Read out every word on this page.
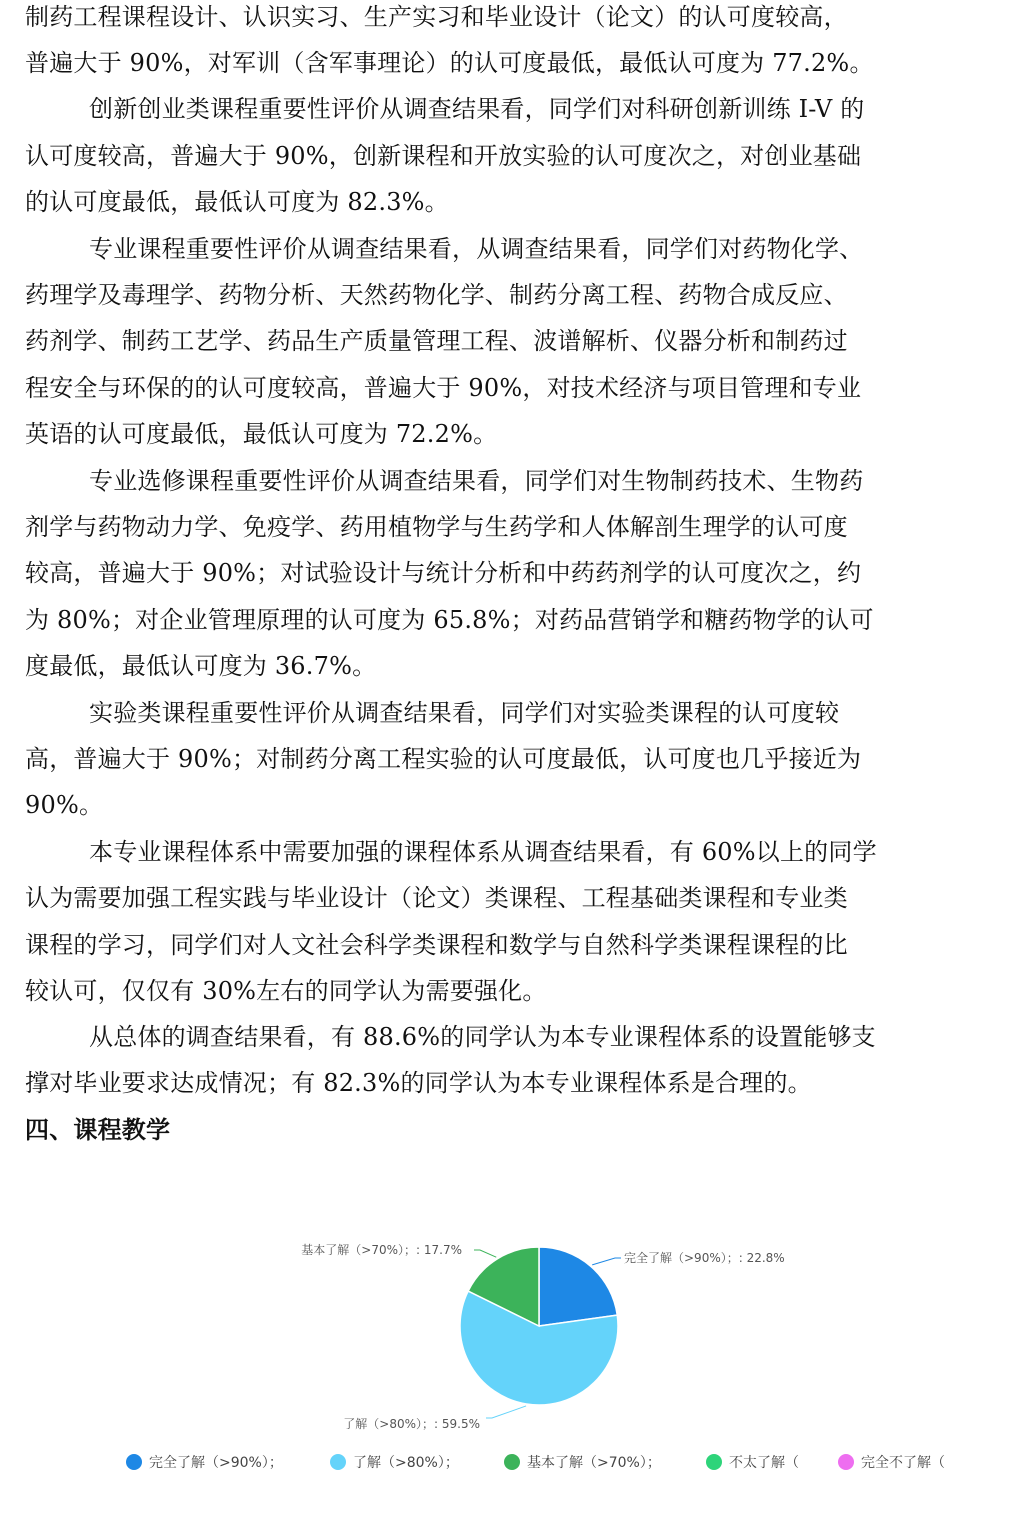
制药工程课程设计、认识实习、生产实习和毕业设计（论文）的认可度较高，
普遍大于 90%，对军训（含军事理论）的认可度最低，最低认可度为 77.2%。
创新创业类课程重要性评价从调查结果看，同学们对科研创新训练 I-V 的
认可度较高，普遍大于 90%，创新课程和开放实验的认可度次之，对创业基础
的认可度最低，最低认可度为 82.3%。
专业课程重要性评价从调查结果看，从调查结果看，同学们对药物化学、
药理学及毒理学、药物分析、天然药物化学、制药分离工程、药物合成反应、
药剂学、制药工艺学、药品生产质量管理工程、波谱解析、仪器分析和制药过
程安全与环保的的认可度较高，普遍大于 90%，对技术经济与项目管理和专业
英语的认可度最低，最低认可度为 72.2%。
专业选修课程重要性评价从调查结果看，同学们对生物制药技术、生物药
剂学与药物动力学、免疫学、药用植物学与生药学和人体解剖生理学的认可度
较高，普遍大于 90%；对试验设计与统计分析和中药药剂学的认可度次之，约
为 80%；对企业管理原理的认可度为 65.8%；对药品营销学和糖药物学的认可
度最低，最低认可度为 36.7%。
实验类课程重要性评价从调查结果看，同学们对实验类课程的认可度较
高，普遍大于 90%；对制药分离工程实验的认可度最低，认可度也几乎接近为
90%。
本专业课程体系中需要加强的课程体系从调查结果看，有 60%以上的同学
认为需要加强工程实践与毕业设计（论文）类课程、工程基础类课程和专业类
课程的学习，同学们对人文社会科学类课程和数学与自然科学类课程课程的比
较认可，仅仅有 30%左右的同学认为需要强化。
从总体的调查结果看，有 88.6%的同学认为本专业课程体系的设置能够支
撑对毕业要求达成情况；有 82.3%的同学认为本专业课程体系是合理的。
四、课程教学
完全了解（>90%）；: 22.8%
了解（>80%）；: 59.5%
基本了解（>70%）；: 17.7%
完全了解（>90%）；	了解（>80%）；	基本了解（>70%）；	不太了解（	完全不了解（
